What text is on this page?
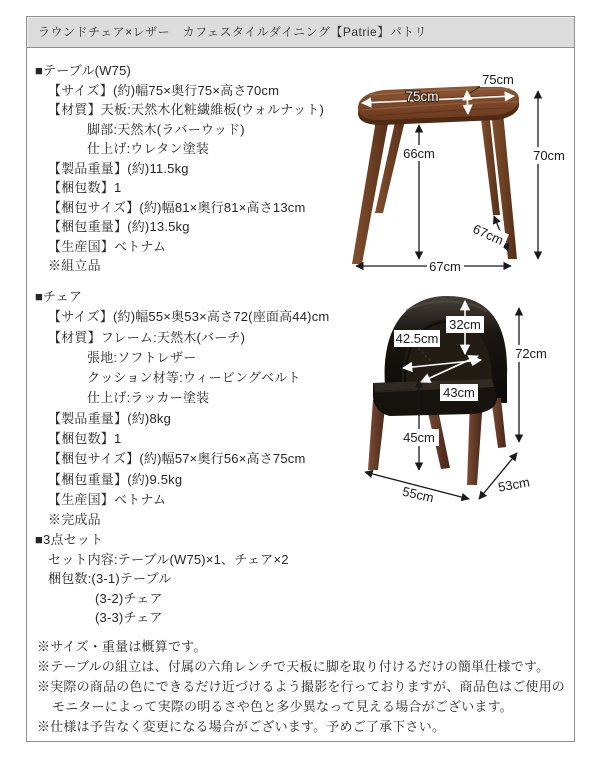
ラウンドチェア×レザー　カフェスタイルダイニング【Patrie】パトリ
■テーブル(W75)
【サイズ】(約)幅75×奥行75×高さ70cm
【材質】天板:天然木化粧繊維板(ウォルナット)
脚部:天然木(ラバーウッド)
仕上げ:ウレタン塗装
【製品重量】(約)11.5kg
【梱包数】1
【梱包サイズ】(約)幅81×奥行81×高さ13cm
【梱包重量】(約)13.5kg
【生産国】ベトナム
※組立品
■チェア
【サイズ】(約)幅55×奥53×高さ72(座面高44)cm
【材質】フレーム:天然木(バーチ)
張地:ソフトレザー
クッション材等:ウィービングベルト
仕上げ:ラッカー塗装
【製品重量】(約)8kg
【梱包数】1
【梱包サイズ】(約)幅57×奥行56×高さ75cm
【梱包重量】(約)9.5kg
【生産国】ベトナム
※完成品
■3点セット
セット内容:テーブル(W75)×1、チェア×2
梱包数:(3-1)テーブル
(3-2)チェア
(3-3)チェア
※サイズ・重量は概算です。
※テーブルの組立は、付属の六角レンチで天板に脚を取り付けるだけの簡単仕様です。
※実際の商品の色にできるだけ近づけるよう撮影を行っておりますが、商品色はご使用の
モニターによって実際の明るさや色と多少異なって見える場合がございます。
※仕様は予告なく変更になる場合がございます。予めご了承下さい。
75cm
75cm
66cm	70cm
67cm
67cm
32cm
42.5cm
43cm
72cm
45cm
55cm	53cm
